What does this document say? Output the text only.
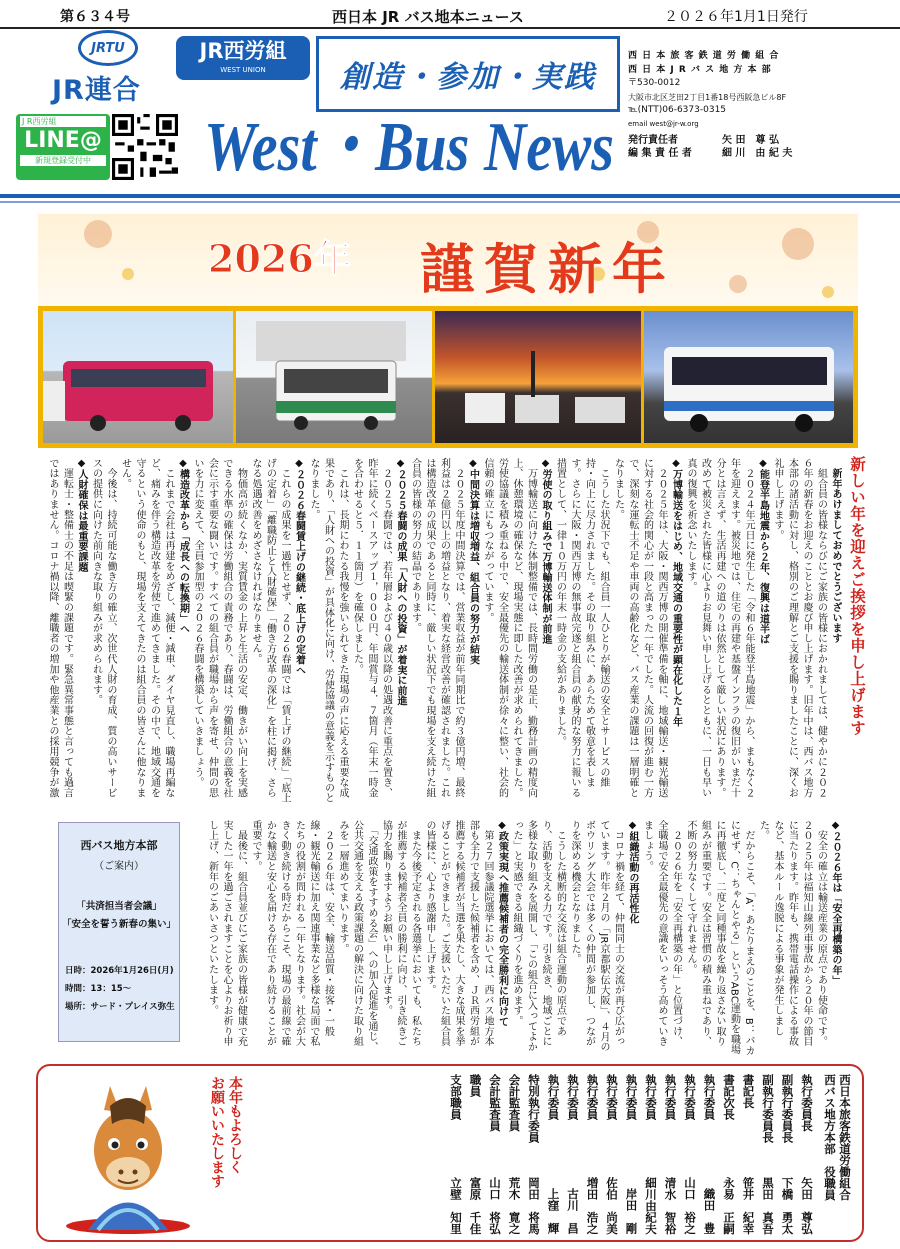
第６３４号	西日本 JR バス地本ニュース	２０２６年1月1日発行
JRTU
JR連合
JR西労組
WEST UNION
J R西労組
LINE@
新規登録受付中
創造・参加・実践
West・Bus News
西 日 本 旅 客 鉄 道 労 働 組 合
西 日 本 J R バ ス 地 方 本 部
〒530-0012
大阪市北区芝田2丁目1番18号西阪急ビル8F
℡(NTT)06-6373-0315
email west@jr-w.org
発行責任者	矢 田　尊 弘
編 集 責 任 者	細 川　由 紀 夫
2026年 謹賀新年
新しい年を迎えご挨拶を申し上げます

　新年あけましておめでとうございます

　組合員の皆様ならびにご家族の皆様におかれましては、健やかに２０２６年の新春をお迎えのこととお慶び申し上げます。旧年中は、西バス地方本部の諸活動に対し、格別のご理解とご支援を賜りましたことに、深くお礼申し上げます。

◆能登半島地震から２年、復興は道半ば

　２０２４年元日に発生した「令和６年能登半島地震」から、まもなく２年を迎えます。被災地では、住宅の再建や基盤インフラの復旧がいまだ十分とは言えず、生活再建への道のりは依然として厳しい状況にあります。改めて被災された皆様に心よりお見舞い申し上げるとともに、一日も早い真の復興を祈念いたします。

◆万博輸送をはじめ、地域交通の重要性が顕在化した１年

　２０２５年は、大阪・関西万博の開催準備を軸に、地域輸送・観光輸送に対する社会的関心が一段と高まった一年でした。人流の回復が進む一方で、深刻な運転士不足や車両の高齢化など、バス産業の課題は一層明確となりました。

　こうした状況下でも、組合員一人ひとりが輸送の安全とサービスの維持・向上に尽力されました。その取り組みに、あらためて敬意を表します。さらに大阪・関西万博の無事故完遂と組合員の献身的な努力に報いる措置として、一律１０万円の年末一時金の支給がありました。

◆労使の取り組みで万博輸送体制が前進

　万博輸送に向けた体制整備では、長時間労働の是正、勤務計画の精度向上、休憩環境の確保など、現場実態に即した改善が求められてきました。労使協議を積み重ねる中で、安全最優先の輸送体制が徐々に整い、社会的信頼の確立にもつながっています。

◆中間決算は増収増益、組合員の努力が結実

　２０２５年度中間決算では、営業収益が前年同期比で約３億円増、最終利益は２億円以上の増益となり、着実な経営改善が確認されました。これは構造改革の成果であると同時に、厳しい状況下でも現場を支え続けた組合員の皆様の努力の結晶であります。

◆２０２５春闘の成果「人財への投資」が着実に前進

　２０２５春闘では、若年層および４０歳以降の処遇改善に重点を置き、昨年に続くベースアップ１，０００円、年間賞与４．７箇月（年末一時金を合わせると５．１１箇月）を確保しました。

　これは、長期にわたる我慢を強いられてきた現場の声に応える重要な成果であり、「人財への投資」が具体化に向け、労使協議の意義を示すものとなりました。

◆２０２６春闘賃上げの継続・底上げの定着へ

　これらの成果を一過性とせず、２０２６春闘では「賃上げの継続」「底上げの定着」「離職防止と人財確保」「働き方改革の深化」を柱に掲げ、さらなる処遇改善をめざさなければなりません。

　物価高が続くなか、実質賃金の上昇と生活の安定、働きがい向上を実感できる水準の確保は労働組合の責務であり、春闘は、労働組合の意義を社会に示す重要な闘いです。すべての組合員が職場から声を寄せ、仲間の思いを力に変えて、全員参加型の２０２６春闘を構築していきましょう。

◆構造改革から「成長への転換期」へ

　これまで会社は再建をめざし、減便・減車、ダイヤ見直し、職場再編など、痛みを伴う構造改革を労使で進めてきました。その中で、地域交通を守るという使命のもと、現場を支えてきたのは組合員の皆さんに他なりません。

　今後は、持続可能な働き方の確立、次世代人財の育成、質の高いサービスの提供に向けた前向きな取り組みが求められます。

◆人財確保は最重要課題

　運転士・整備士の不足は喫緊の課題です。緊急異常事態と言っても過言ではありません。コロナ禍以降、離職者の増加や他産業との採用競争が激

◆２０２６年は「安全再構築の年」

　安全の確立は輸送産業の原点であり使命です。２０２５年は福知山線列車事故から２０年の節目に当たります。昨年も、携帯電話操作による事故など、基本ルール逸脱による事象が発生しました。

　だからこそ、「A：あたりまえのことを、B：バカにせず、C：ちゃんとやる」というABC運動を職場に再徹底し、二度と同種事故を繰り返さない取り組みが重要です。安全は習慣の積み重ねであり、不断の努力なくして守れません。

　２０２６年を「安全再構築の年」と位置づけ、全職場で安全最優先の意識をいっそう高めていきましょう。

◆組織活動の再活性化

　コロナ禍を経て、仲間同士の交流が再び広がっています。昨年２月の「JR京都駅伝大阪」、４月のボウリング大会では多くの仲間が参加し、つながりを深める機会となりました。

　こうした横断的な交流は組合運動の原点であり、活動を支える力です。引き続き、地域ごとに多様な取り組みを展開し、「この組合に入ってよかった」と実感できる組織づくりを進めます。

◆政策実現へ推薦候補者の完全勝利に向けて

　第２７回参議院選挙においては、西バス地方本部も全力で支援した候補者を含め、ＪＲ西労組が推薦する候補者が当選を果たし、大きな成果を挙げることができました。ご支援いただいた組合員の皆様に、心より感謝申し上げます。

　また今後予定される各選挙においても、私たちが推薦する候補者全員の勝利に向け、引き続きご協力を賜りますようお願い申し上げます。

　「交通政策をすすめる会」への加入促進を通じ、公共交通を支える政策課題の解決に向けた取り組みを一層進めてまいります。

　２０２６年は、安全、輸送品質・接客・一般線・観光輸送に加え関連事業など多様な局面で私たちの役割が問われる一年となります。社会が大きく動き続ける時だからこそ、現場の最前線で確かな輸送と安心を届ける存在であり続けることが重要です。

　最後に、組合員並びにご家族の皆様が健康で充実した一年を過ごされますことを心よりお祈り申し上げ、新年のごあいさつといたします。

西バス地方本部
（ご案内）
「共済担当者会議」
「安全を誓う新春の集い」
日時：2026年1月26日(月)
時間：13：15～
場所：サード・プレイス弥生
西日本旅客鉄道労働組合
西バス地方本部　役職員
執行委員長
矢田　尊弘
副執行委員長
下橋　勇太
副執行委員長
黒田　真吾
書記長
笹井　紀幸
書記次長
永易　正嗣
執行委員
織田　豊
執行委員
山口　裕之
執行委員
清水　智裕
執行委員
細川由紀夫
執行委員
岸田　剛
執行委員
佐伯　尚美
執行委員
増田　浩之
執行委員
古川　昌
執行委員
上窪　輝
特別執行委員
岡田　将馬
会計監査員
荒木　寛之
会計監査員
山口　将弘
職員
富原　千佳
支部職員
立壁　知里
本年もよろしく
お願いいたします
